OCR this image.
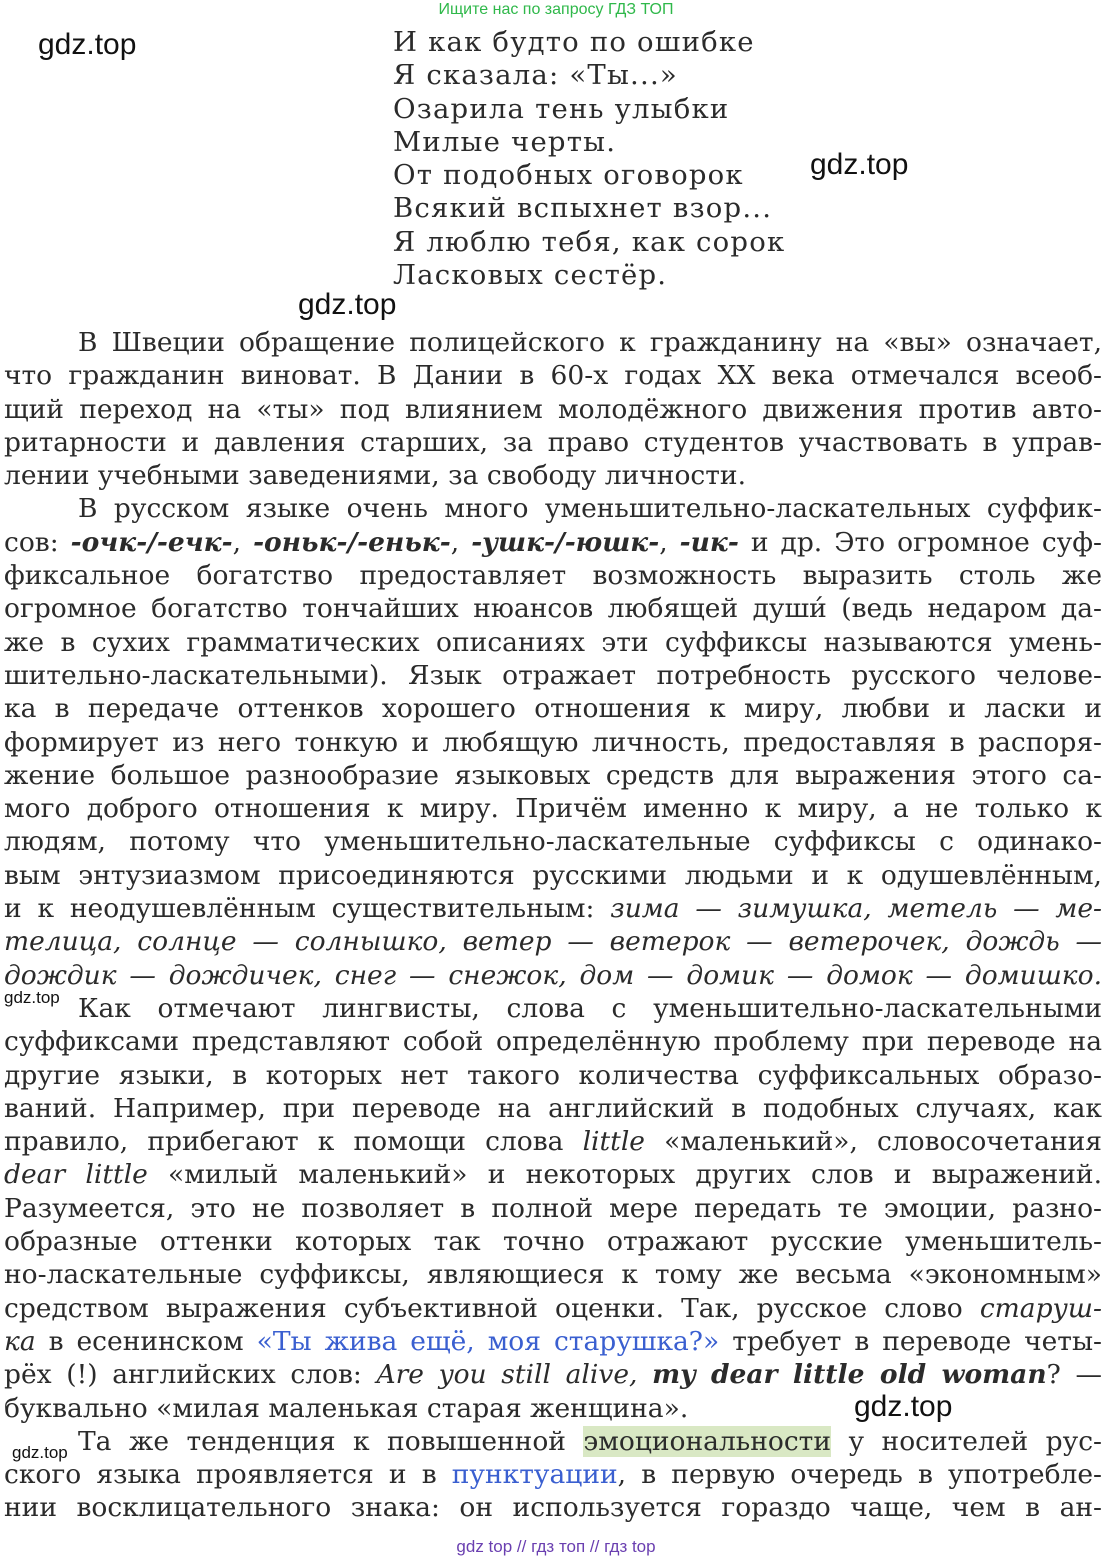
Ищите нас по запросу ГДЗ ТОП
gdz.top
gdz.top
gdz.top
gdz.top
gdz.top
gdz.top
И как будто по ошибке
Я сказала: «Ты...»
Озарила тень улыбки
Милые черты.
От подобных оговорок
Всякий вспыхнет взор...
Я люблю тебя, как сорок
Ласковых сестёр.
В Швеции обращение полицейского к гражданину на «вы» означает,
что гражданин виноват. В Дании в 60-х годах XX века отмечался всеоб-
щий переход на «ты» под влиянием молодёжного движения против авто-
ритарности и давления старших, за право студентов участвовать в управ-
лении учебными заведениями, за свободу личности.
В русском языке очень много уменьшительно-ласкательных суффик-
сов: -очк-/-ечк-, -оньк-/-еньк-, -ушк-/-юшк-, -ик- и др. Это огромное суф-
фиксальное богатство предоставляет возможность выразить столь же
огромное богатство тончайших нюансов любящей души́ (ведь недаром да-
же в сухих грамматических описаниях эти суффиксы называются умень-
шительно-ласкательными). Язык отражает потребность русского челове-
ка в передаче оттенков хорошего отношения к миру, любви и ласки и
формирует из него тонкую и любящую личность, предоставляя в распоря-
жение большое разнообразие языковых средств для выражения этого са-
мого доброго отношения к миру. Причём именно к миру, а не только к
людям, потому что уменьшительно-ласкательные суффиксы с одинако-
вым энтузиазмом присоединяются русскими людьми и к одушевлённым,
и к неодушевлённым существительным: зима — зимушка, метель — ме-
телица, солнце — солнышко, ветер — ветерок — ветерочек, дождь —
дождик — дождичек, снег — снежок, дом — домик — домок — домишко.
Как отмечают лингвисты, слова с уменьшительно-ласкательными
суффиксами представляют собой определённую проблему при переводе на
другие языки, в которых нет такого количества суффиксальных образо-
ваний. Например, при переводе на английский в подобных случаях, как
правило, прибегают к помощи слова little «маленький», словосочетания
dear little «милый маленький» и некоторых других слов и выражений.
Разумеется, это не позволяет в полной мере передать те эмоции, разно-
образные оттенки которых так точно отражают русские уменьшитель-
но-ласкательные суффиксы, являющиеся к тому же весьма «экономным»
средством выражения субъективной оценки. Так, русское слово старуш-
ка в есенинском «Ты жива ещё, моя старушка?» требует в переводе четы-
рёх (!) английских слов: Are you still alive, my dear little old woman? —
буквально «милая маленькая старая женщина».
Та же тенденция к повышенной эмоциональности у носителей рус-
ского языка проявляется и в пунктуации, в первую очередь в употребле-
нии восклицательного знака: он используется гораздо чаще, чем в ан-
gdz top // гдз топ // гдз top
